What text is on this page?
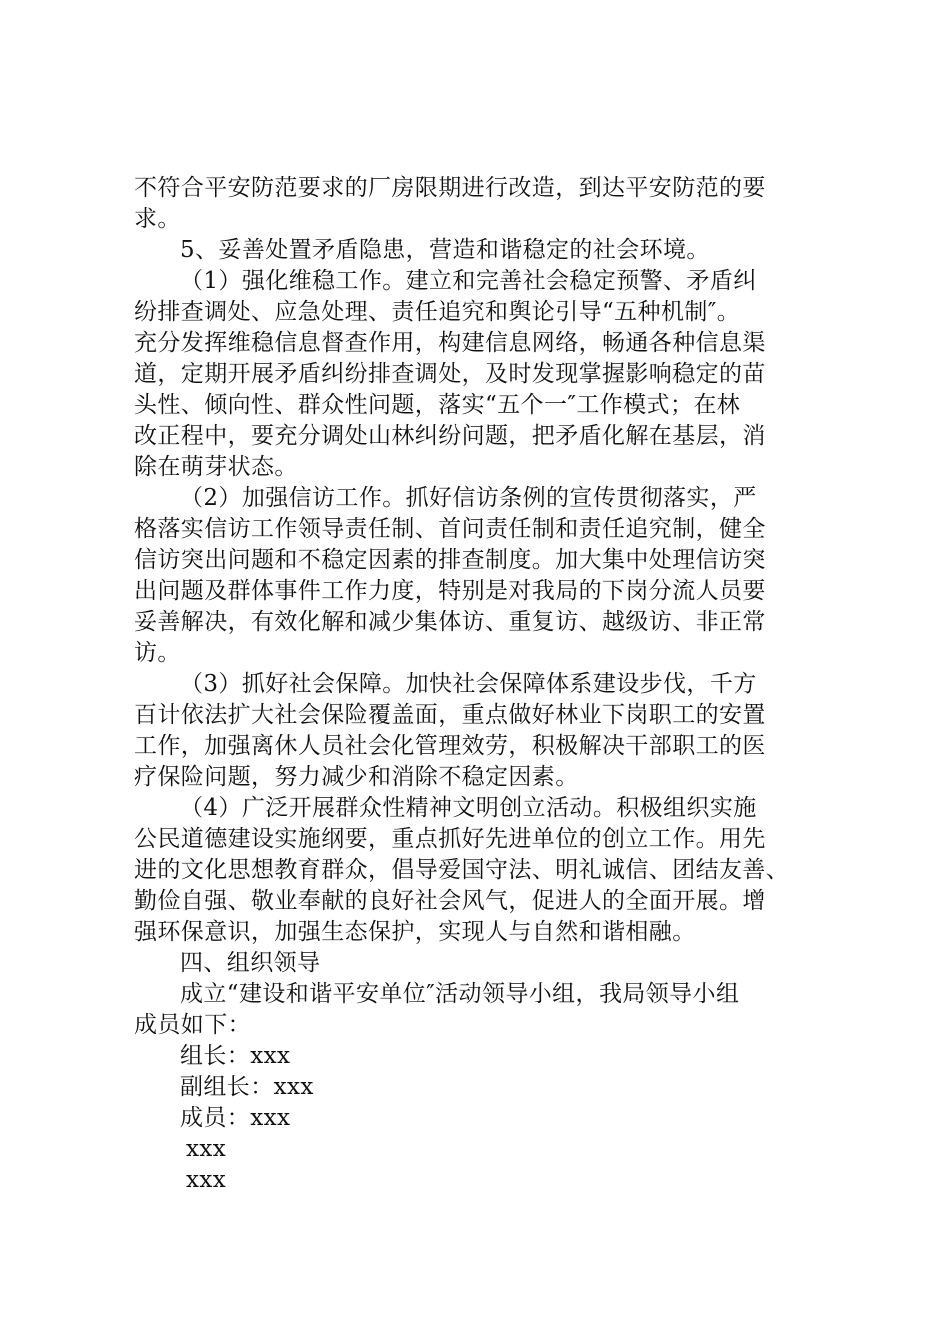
不符合平安防范要求的厂房限期进行改造，到达平安防范的要
求。
5、妥善处置矛盾隐患，营造和谐稳定的社会环境。
（1）强化维稳工作。建立和完善社会稳定预警、矛盾纠
纷排查调处、应急处理、责任追究和舆论引导“五种机制″。
充分发挥维稳信息督查作用，构建信息网络，畅通各种信息渠
道，定期开展矛盾纠纷排查调处，及时发现掌握影响稳定的苗
头性、倾向性、群众性问题，落实“五个一″工作模式；在林
改正程中，要充分调处山林纠纷问题，把矛盾化解在基层，消
除在萌芽状态。
（2）加强信访工作。抓好信访条例的宣传贯彻落实，严
格落实信访工作领导责任制、首问责任制和责任追究制，健全
信访突出问题和不稳定因素的排查制度。加大集中处理信访突
出问题及群体事件工作力度，特别是对我局的下岗分流人员要
妥善解决，有效化解和减少集体访、重复访、越级访、非正常
访。
（3）抓好社会保障。加快社会保障体系建设步伐，千方
百计依法扩大社会保险覆盖面，重点做好林业下岗职工的安置
工作，加强离休人员社会化管理效劳，积极解决干部职工的医
疗保险问题，努力减少和消除不稳定因素。
（4）广泛开展群众性精神文明创立活动。积极组织实施
公民道德建设实施纲要，重点抓好先进单位的创立工作。用先
进的文化思想教育群众，倡导爱国守法、明礼诚信、团结友善、
勤俭自强、敬业奉献的良好社会风气，促进人的全面开展。增
强环保意识，加强生态保护，实现人与自然和谐相融。
四、组织领导
成立“建设和谐平安单位″活动领导小组，我局领导小组
成员如下：
组长：xxx
副组长：xxx
成员：xxx
xxx
xxx
